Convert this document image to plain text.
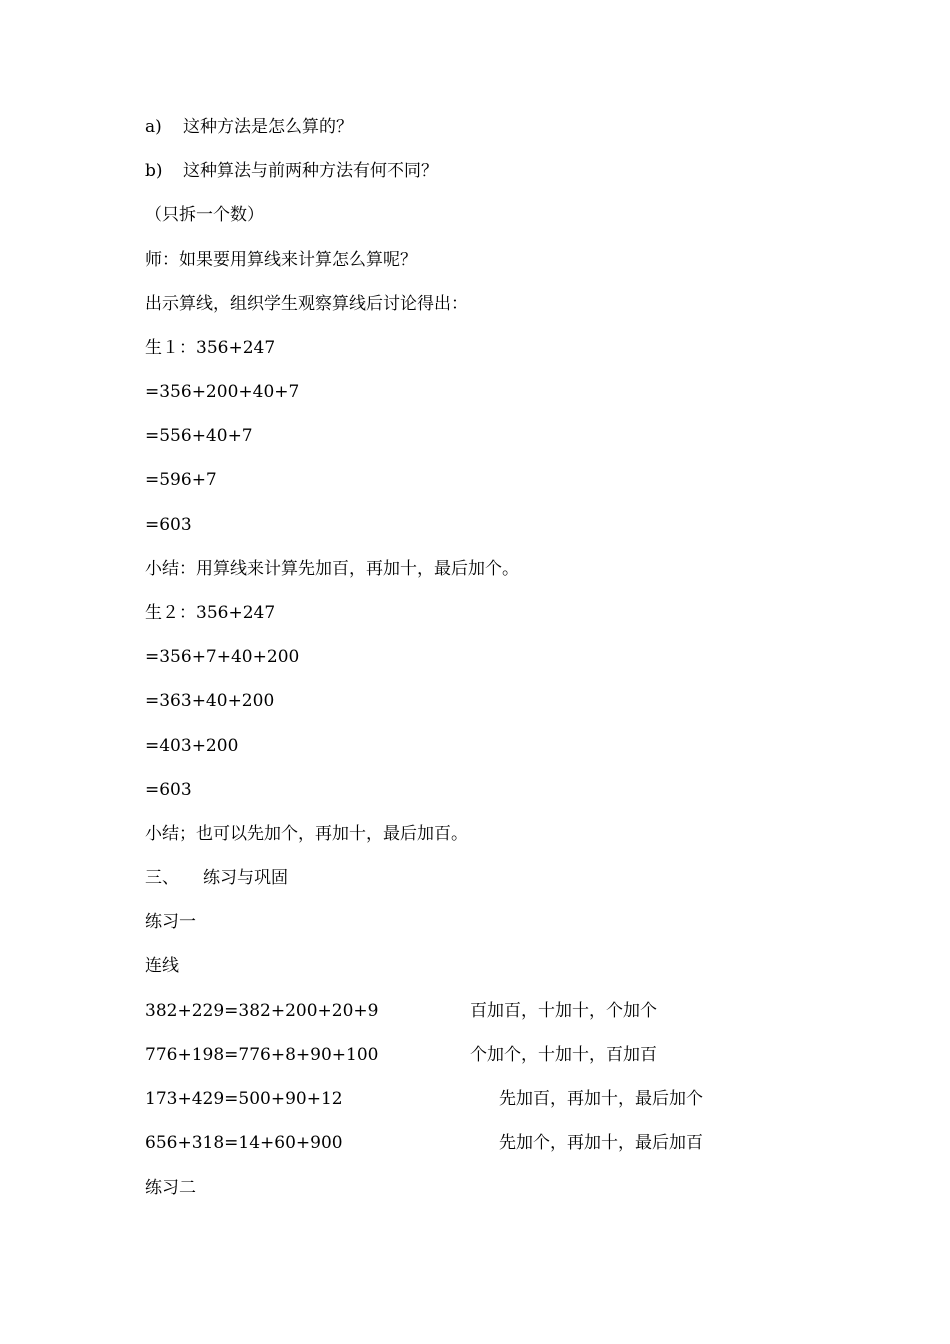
a) 这种方法是怎么算的？
b) 这种算法与前两种方法有何不同？
（只拆一个数）
师：如果要用算线来计算怎么算呢？
出示算线，组织学生观察算线后讨论得出：
生１：356+247
=356+200+40+7
=556+40+7
=596+7
=603
小结：用算线来计算先加百，再加十，最后加个。
生２：356+247
=356+7+40+200
=363+40+200
=403+200
=603
小结；也可以先加个，再加十，最后加百。
三、 练习与巩固
练习一
连线
382+229=382+200+20+9	百加百，十加十，个加个
776+198=776+8+90+100	个加个，十加十，百加百
173+429=500+90+12	先加百，再加十，最后加个
656+318=14+60+900	先加个，再加十，最后加百
练习二
